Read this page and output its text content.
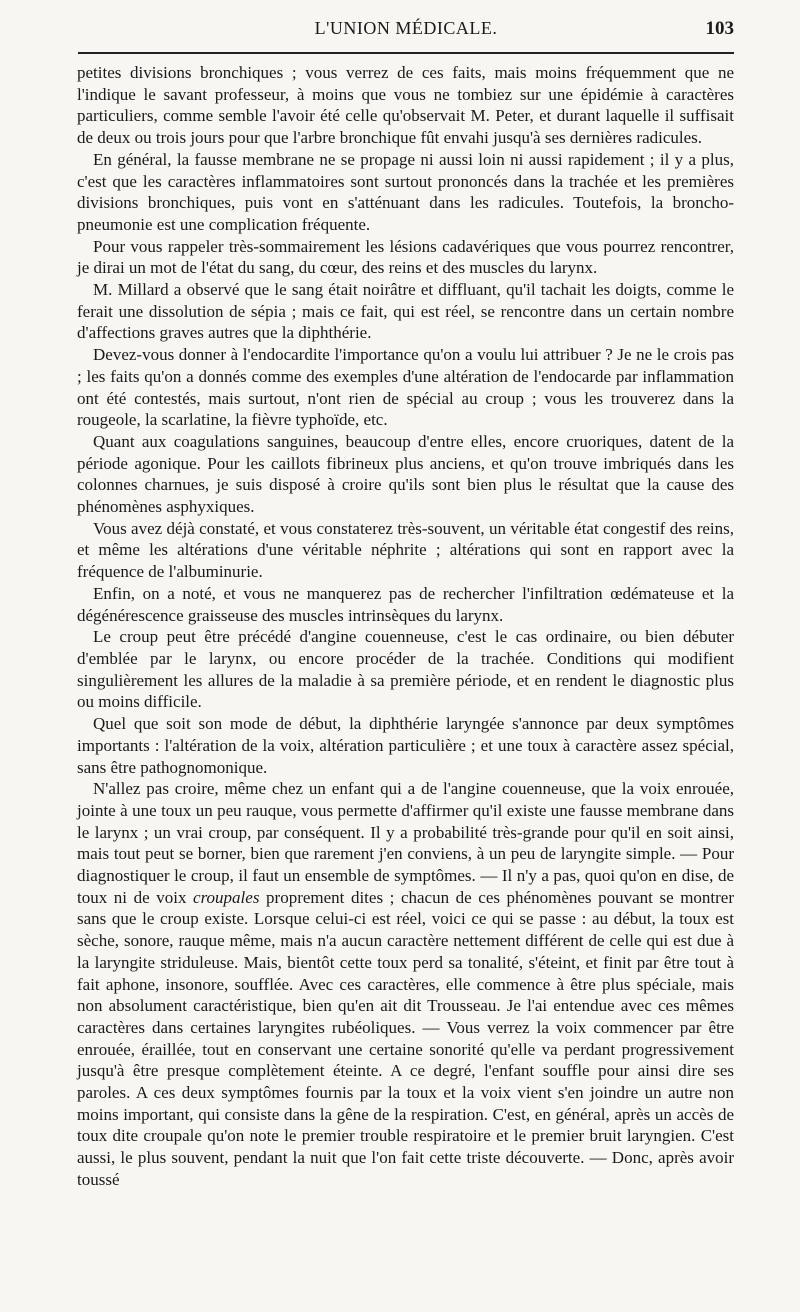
L'UNION MÉDICALE.	103

petites divisions bronchiques ; vous verrez de ces faits, mais moins fréquemment que ne l'indique le savant professeur, à moins que vous ne tombiez sur une épidémie à caractères particuliers, comme semble l'avoir été celle qu'observait M. Peter, et durant laquelle il suffisait de deux ou trois jours pour que l'arbre bronchique fût envahi jusqu'à ses dernières radicules.

En général, la fausse membrane ne se propage ni aussi loin ni aussi rapidement ; il y a plus, c'est que les caractères inflammatoires sont surtout prononcés dans la trachée et les premières divisions bronchiques, puis vont en s'atténuant dans les radicules. Toutefois, la broncho-pneumonie est une complication fréquente.

Pour vous rappeler très-sommairement les lésions cadavériques que vous pourrez rencontrer, je dirai un mot de l'état du sang, du cœur, des reins et des muscles du larynx.

M. Millard a observé que le sang était noirâtre et diffluant, qu'il tachait les doigts, comme le ferait une dissolution de sépia ; mais ce fait, qui est réel, se rencontre dans un certain nombre d'affections graves autres que la diphthérie.

Devez-vous donner à l'endocardite l'importance qu'on a voulu lui attribuer ? Je ne le crois pas ; les faits qu'on a donnés comme des exemples d'une altération de l'endocarde par inflammation ont été contestés, mais surtout, n'ont rien de spécial au croup ; vous les trouverez dans la rougeole, la scarlatine, la fièvre typhoïde, etc.

Quant aux coagulations sanguines, beaucoup d'entre elles, encore cruoriques, datent de la période agonique. Pour les caillots fibrineux plus anciens, et qu'on trouve imbriqués dans les colonnes charnues, je suis disposé à croire qu'ils sont bien plus le résultat que la cause des phénomènes asphyxiques.

Vous avez déjà constaté, et vous constaterez très-souvent, un véritable état congestif des reins, et même les altérations d'une véritable néphrite ; altérations qui sont en rapport avec la fréquence de l'albuminurie.

Enfin, on a noté, et vous ne manquerez pas de rechercher l'infiltration œdémateuse et la dégénérescence graisseuse des muscles intrinsèques du larynx.

Le croup peut être précédé d'angine couenneuse, c'est le cas ordinaire, ou bien débuter d'emblée par le larynx, ou encore procéder de la trachée. Conditions qui modifient singulièrement les allures de la maladie à sa première période, et en rendent le diagnostic plus ou moins difficile.

Quel que soit son mode de début, la diphthérie laryngée s'annonce par deux symptômes importants : l'altération de la voix, altération particulière ; et une toux à caractère assez spécial, sans être pathognomonique.

N'allez pas croire, même chez un enfant qui a de l'angine couenneuse, que la voix enrouée, jointe à une toux un peu rauque, vous permette d'affirmer qu'il existe une fausse membrane dans le larynx ; un vrai croup, par conséquent. Il y a probabilité très-grande pour qu'il en soit ainsi, mais tout peut se borner, bien que rarement j'en conviens, à un peu de laryngite simple. — Pour diagnostiquer le croup, il faut un ensemble de symptômes. — Il n'y a pas, quoi qu'on en dise, de toux ni de voix croupales proprement dites ; chacun de ces phénomènes pouvant se montrer sans que le croup existe. Lorsque celui-ci est réel, voici ce qui se passe : au début, la toux est sèche, sonore, rauque même, mais n'a aucun caractère nettement différent de celle qui est due à la laryngite striduleuse. Mais, bientôt cette toux perd sa tonalité, s'éteint, et finit par être tout à fait aphone, insonore, soufflée. Avec ces caractères, elle commence à être plus spéciale, mais non absolument caractéristique, bien qu'en ait dit Trousseau. Je l'ai entendue avec ces mêmes caractères dans certaines laryngites rubéoliques. — Vous verrez la voix commencer par être enrouée, éraillée, tout en conservant une certaine sonorité qu'elle va perdant progressivement jusqu'à être presque complètement éteinte. A ce degré, l'enfant souffle pour ainsi dire ses paroles. A ces deux symptômes fournis par la toux et la voix vient s'en joindre un autre non moins important, qui consiste dans la gêne de la respiration. C'est, en général, après un accès de toux dite croupale qu'on note le premier trouble respiratoire et le premier bruit laryngien. C'est aussi, le plus souvent, pendant la nuit que l'on fait cette triste découverte. — Donc, après avoir toussé
